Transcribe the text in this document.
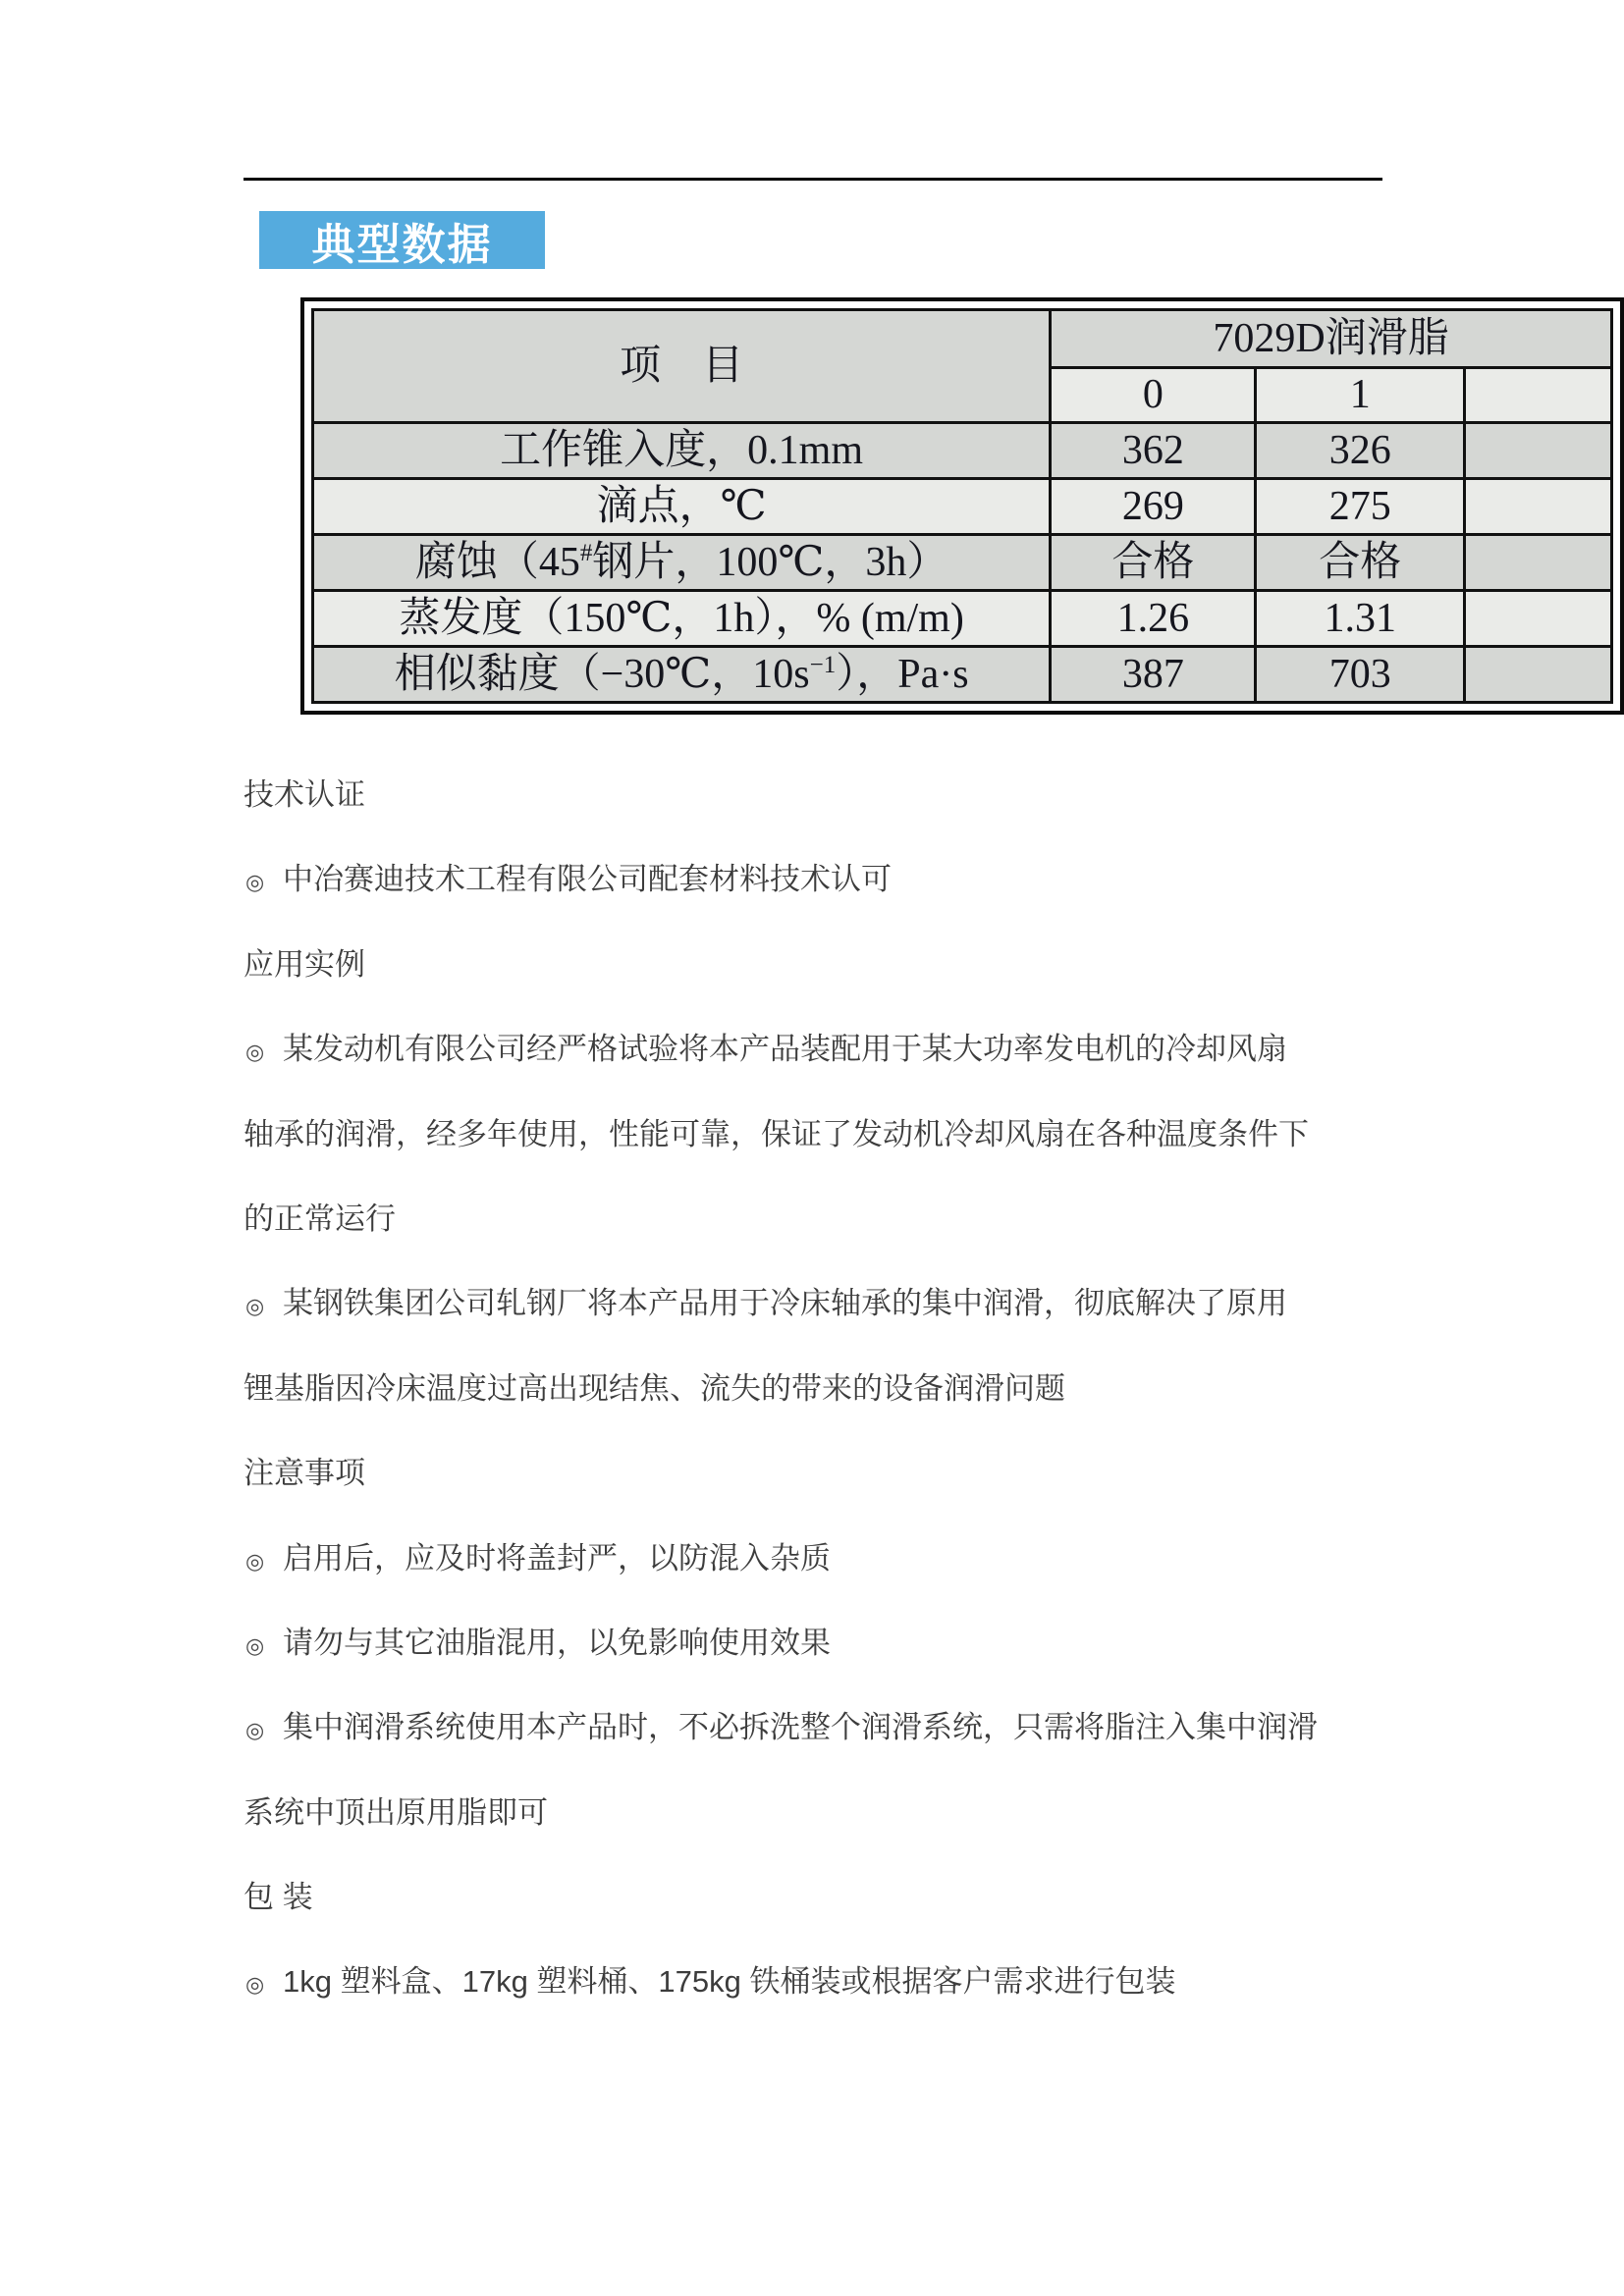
典型数据
项　目	7029D润滑脂		
	0	1	
工作锥入度，0.1mm	362	326	
滴点，℃	269	275	
腐蚀（45#钢片，100℃，3h）	合格	合格	
蒸发度（150℃，1h），% (m/m)	1.26	1.31	
相似黏度（−30℃，$10s^{-1}$），Pa·s	387	703	
技术认证
◎ 中冶赛迪技术工程有限公司配套材料技术认可
应用实例
◎ 某发动机有限公司经严格试验将本产品装配用于某大功率发电机的冷却风扇
轴承的润滑，经多年使用，性能可靠，保证了发动机冷却风扇在各种温度条件下
的正常运行
◎ 某钢铁集团公司轧钢厂将本产品用于冷床轴承的集中润滑，彻底解决了原用
锂基脂因冷床温度过高出现结焦、流失的带来的设备润滑问题
注意事项
◎ 启用后，应及时将盖封严，以防混入杂质
◎ 请勿与其它油脂混用，以免影响使用效果
◎ 集中润滑系统使用本产品时，不必拆洗整个润滑系统，只需将脂注入集中润滑
系统中顶出原用脂即可
包 装
◎ 1kg 塑料盒、17kg 塑料桶、175kg 铁桶装或根据客户需求进行包装
